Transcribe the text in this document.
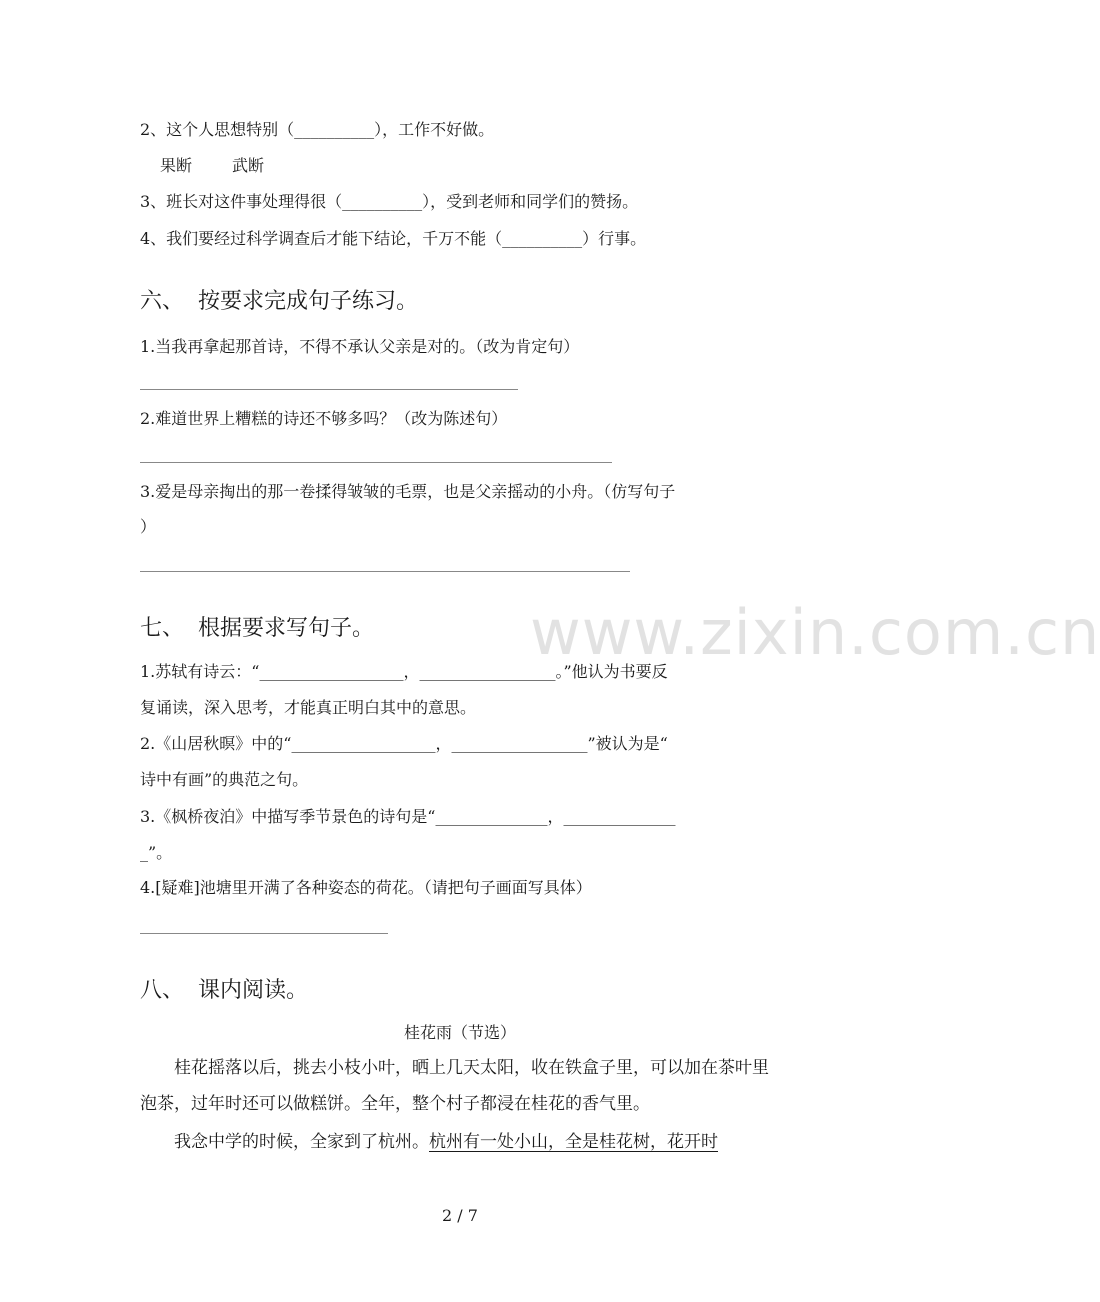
www.zixin.com.cn
2、这个人思想特别（__________），工作不好做。
果断 武断
3、班长对这件事处理得很（__________），受到老师和同学们的赞扬。
4、我们要经过科学调查后才能下结论，千万不能（__________）行事。
六、  按要求完成句子练习。
1.当我再拿起那首诗，不得不承认父亲是对的。（改为肯定句）
2.难道世界上糟糕的诗还不够多吗？（改为陈述句）
3.爱是母亲掏出的那一卷揉得皱皱的毛票，也是父亲摇动的小舟。（仿写句子
）
七、  根据要求写句子。
1.苏轼有诗云：“__________________，_________________。”他认为书要反
复诵读，深入思考，才能真正明白其中的意思。
2.《山居秋暝》中的“__________________，_________________”被认为是“
诗中有画”的典范之句。
3.《枫桥夜泊》中描写季节景色的诗句是“______________，______________
_”。
4.[疑难]池塘里开满了各种姿态的荷花。（请把句子画面写具体）
八、  课内阅读。
桂花雨（节选）
桂花摇落以后，挑去小枝小叶，晒上几天太阳，收在铁盒子里，可以加在茶叶里泡茶，过年时还可以做糕饼。全年，整个村子都浸在桂花的香气里。
我念中学的时候，全家到了杭州。杭州有一处小山，全是桂花树，花开时
2 / 7
